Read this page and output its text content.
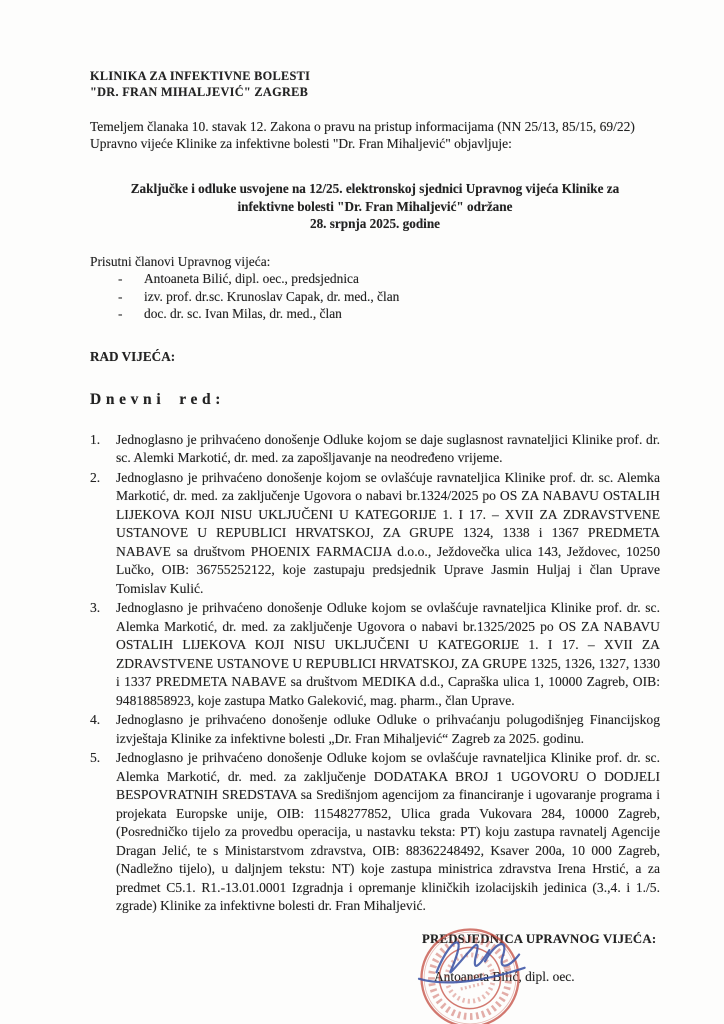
KLINIKA ZA INFEKTIVNE BOLESTI
"DR. FRAN MIHALJEVIĆ" ZAGREB

Temeljem članaka 10. stavak 12. Zakona o pravu na pristup informacijama (NN 25/13, 85/15, 69/22) Upravno vijeće Klinike za infektivne bolesti "Dr. Fran Mihaljević" objavljuje:

Zaključke i odluke usvojene na 12/25. elektronskoj sjednici Upravnog vijeća Klinike za
infektivne bolesti "Dr. Fran Mihaljević" održane
28. srpnja 2025. godine
Prisutni članovi Upravnog vijeća:
-	Antoaneta Bilić, dipl. oec., predsjednica
-	izv. prof. dr.sc. Krunoslav Capak, dr. med., član
-	doc. dr. sc. Ivan Milas, dr. med., član
RAD VIJEĆA:
Dnevni red:
1.	Jednoglasno je prihvaćeno donošenje Odluke kojom se daje suglasnost ravnateljici Klinike prof. dr. sc. Alemki Markotić, dr. med. za zapošljavanje na neodređeno vrijeme.
2.	Jednoglasno je prihvaćeno donošenje kojom se ovlašćuje ravnateljica Klinike prof. dr. sc. Alemka Markotić, dr. med. za zaključenje Ugovora o nabavi br.1324/2025 po OS ZA NABAVU OSTALIH LIJEKOVA KOJI NISU UKLJUČENI U KATEGORIJE 1. I 17. – XVII ZA ZDRAVSTVENE USTANOVE U REPUBLICI HRVATSKOJ, ZA GRUPE 1324, 1338 i 1367 PREDMETA NABAVE sa društvom PHOENIX FARMACIJA d.o.o., Ježdovečka ulica 143, Ježdovec, 10250 Lučko, OIB: 36755252122, koje zastupaju predsjednik Uprave Jasmin Huljaj i član Uprave Tomislav Kulić.
3.	Jednoglasno je prihvaćeno donošenje Odluke kojom se ovlašćuje ravnateljica Klinike prof. dr. sc. Alemka Markotić, dr. med. za zaključenje Ugovora o nabavi br.1325/2025 po OS ZA NABAVU OSTALIH LIJEKOVA KOJI NISU UKLJUČENI U KATEGORIJE 1. I 17. – XVII ZA ZDRAVSTVENE USTANOVE U REPUBLICI HRVATSKOJ, ZA GRUPE 1325, 1326, 1327, 1330 i 1337 PREDMETA NABAVE sa društvom MEDIKA d.d., Capraška ulica 1, 10000 Zagreb, OIB: 94818858923, koje zastupa Matko Galeković, mag. pharm., član Uprave.
4.	Jednoglasno je prihvaćeno donošenje odluke Odluke o prihvaćanju polugodišnjeg Financijskog izvještaja Klinike za infektivne bolesti „Dr. Fran Mihaljević“ Zagreb za 2025. godinu.
5.	Jednoglasno je prihvaćeno donošenje Odluke kojom se ovlašćuje ravnateljica Klinike prof. dr. sc. Alemka Markotić, dr. med. za zaključenje DODATAKA BROJ 1 UGOVORU O DODJELI BESPOVRATNIH SREDSTAVA sa Središnjom agencijom za financiranje i ugovaranje programa i projekata Europske unije, OIB: 11548277852, Ulica grada Vukovara 284, 10000 Zagreb, (Posredničko tijelo za provedbu operacija, u nastavku teksta: PT) koju zastupa ravnatelj Agencije Dragan Jelić, te s Ministarstvom zdravstva, OIB: 88362248492, Ksaver 200a, 10 000 Zagreb, (Nadležno tijelo), u daljnjem tekstu: NT) koje zastupa ministrica zdravstva Irena Hrstić, a za predmet C5.1. R1.-13.01.0001 Izgradnja i opremanje kliničkih izolacijskih jedinica (3.,4. i 1./5. zgrade) Klinike za infektivne bolesti dr. Fran Mihaljević.
PREDSJEDNICA UPRAVNOG VIJEĆA:
Antoaneta Bilić, dipl. oec.
